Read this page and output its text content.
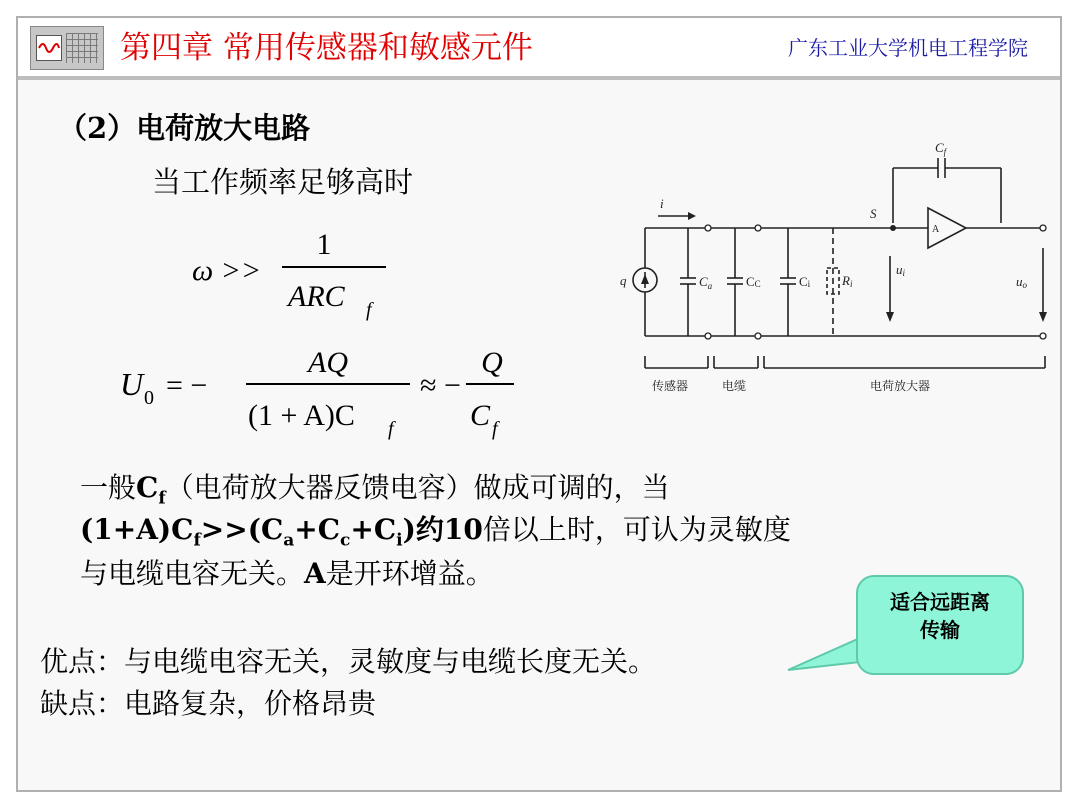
第四章 常用传感器和敏感元件	广东工业大学机电工程学院
（2）电荷放大电路
当工作频率足够高时
ω >>
1
ARC f
U 0 = −
AQ
(1 + A)C f
≈ −
Q
C f
一般$C_f$（电荷放大器反馈电容）做成可调的，当
$(1+A)C_f>>(C_a+C_c+C_i)$约10倍以上时，可认为灵敏度
与电缆电容无关。A是开环增益。
优点：与电缆电容无关，灵敏度与电缆长度无关。
缺点：电路复杂，价格昂贵
适合远距离
传输
$C_f$
i
S
A
q	$C_a$	CC	Ci Ri
ui
uo
传感器	电缆	电荷放大器
